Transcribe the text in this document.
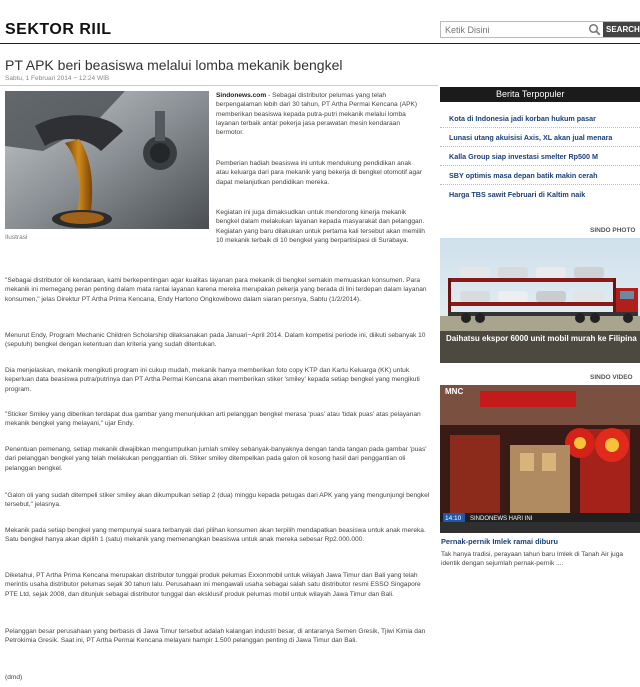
SEKTOR RIIL
Ketik Disini	SEARCH
PT APK beri beasiswa melalui lomba mekanik bengkel
Sabtu, 1 Februari 2014 − 12:24 WIB
Ilustrasi
Sindonews.com - Sebagai distributor pelumas yang telah berpengalaman lebih dari 30 tahun, PT Artha Permai Kencana (APK) memberikan beasiswa kepada putra-putri mekanik melalui lomba layanan terbaik antar pekerja jasa perawatan mesin kendaraan bermotor.
Pemberian hadiah beasiswa ini untuk mendukung pendidikan anak atau keluarga dari para mekanik yang bekerja di bengkel otomotif agar dapat melanjutkan pendidikan mereka.
Kegiatan ini juga dimaksudkan untuk mendorong kinerja mekanik bengkel dalam melakukan layanan kepada masyarakat dan pelanggan. Kegiatan yang baru dilakukan untuk pertama kali tersebut akan memilih 10 mekanik terbaik di 10 bengkel yang berpartisipasi di Surabaya.
"Sebagai distributor oli kendaraan, kami berkepentingan agar kualitas layanan para mekanik di bengkel semakin memuaskan konsumen. Para mekanik ini memegang peran penting dalam mata rantai layanan karena mereka merupakan pekerja yang berada di lini terdepan dalam layanan konsumen," jelas Direktur PT Artha Prima Kencana, Endy Hartono Ongkowibowo dalam siaran persnya, Sabtu (1/2/2014).
Menurut Endy, Program Mechanic Children Scholarship dilaksanakan pada Januari−April 2014. Dalam kompetisi periode ini, diikuti sebanyak 10 (sepuluh) bengkel dengan ketentuan dan kriteria yang sudah ditentukan.
Dia menjelaskan, mekanik mengikuti program ini cukup mudah, mekanik hanya memberikan foto copy KTP dan Kartu Keluarga (KK) untuk keperluan data beasiswa putra/putrinya dan PT Artha Permai Kencana akan memberikan stiker 'smiley' kepada setiap bengkel yang mengikuti program.
"Sticker Smiley yang diberikan terdapat dua gambar yang menunjukkan arti pelanggan bengkel merasa 'puas' atau 'tidak puas' atas pelayanan mekanik bengkel yang melayani," ujar Endy.
Penentuan pemenang, setiap mekanik diwajibkan mengumpulkan jumlah smiley sebanyak-banyaknya dengan tanda tangan pada gambar 'puas' dari pelanggan bengkel yang telah melakukan penggantian oli. Stiker smiley ditempelkan pada galon oli kosong hasil dari penggantian oli pelanggan bengkel.
"Galon oli yang sudah ditempeli stiker smiley akan dikumpulkan setiap 2 (dua) minggu kepada petugas dari APK yang yang mengunjungi bengkel tersebut," jelasnya.
Mekanik pada setiap bengkel yang mempunyai suara terbanyak dari pilihan konsumen akan terpilih mendapatkan beasiswa untuk anak mereka. Satu bengkel hanya akan dipilih 1 (satu) mekanik yang memenangkan beasiswa untuk anak mereka sebesar Rp2.000.000.
Diketahui, PT Artha Prima Kencana merupakan distributor tunggal produk pelumas Exxonmobil untuk wilayah Jawa Timur dan Bali yang telah merintis usaha distributor pelumas sejak 30 tahun lalu. Perusahaan ini mengawali usaha sebagai salah satu distributor resmi ESSO Singapore PTE Ltd, sejak 2008, dan ditunjuk sebagai distributor tunggal dan eksklusif produk pelumas mobil untuk wilayah Jawa Timur dan Bali.
Pelanggan besar perusahaan yang berbasis di Jawa Timur tersebut adalah kalangan industri besar, di antaranya Semen Gresik, Tjiwi Kimia dan Petrokimia Gresik. Saat ini, PT Artha Permai Kencana melayani hampir 1.500 pelanggan penting di Jawa Timur dan Bali.
(dmd)
Berita Terpopuler
Kota di Indonesia jadi korban hukum pasar
Lunasi utang akuisisi Axis, XL akan jual menara
Kalla Group siap investasi smelter Rp500 M
SBY optimis masa depan batik makin cerah
Harga TBS sawit Februari di Kaltim naik
SINDO PHOTO
Daihatsu ekspor 6000 unit mobil murah ke Filipina
SINDO VIDEO
MNC
14:10 SINDONEWS HARI INI
Pernak-pernik Imlek ramai diburu
Tak hanya tradisi, perayaan tahun baru Imlek di Tanah Air juga identik dengan sejumlah pernak-pernik ....
